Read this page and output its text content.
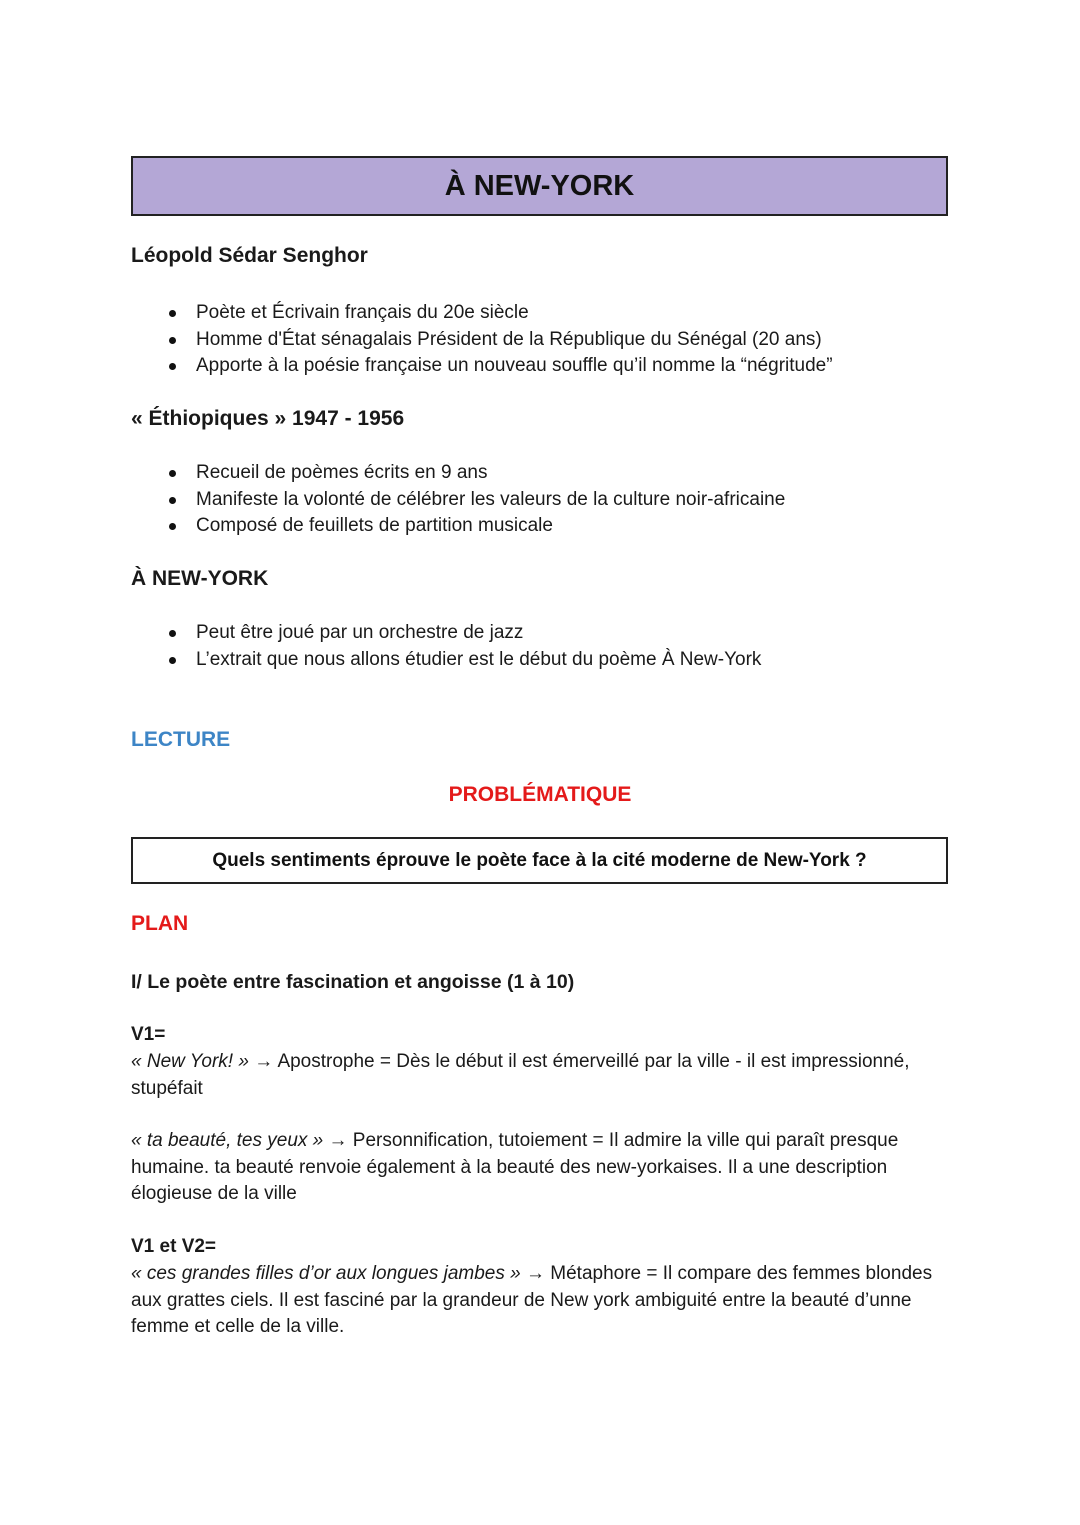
À NEW-YORK
Léopold Sédar Senghor
Poète et Écrivain français du 20e siècle
Homme d'État sénagalais Président de la République du Sénégal (20 ans)
Apporte à la poésie française un nouveau souffle qu’il nomme la “négritude”
« Éthiopiques » 1947 - 1956
Recueil de poèmes écrits en 9 ans
Manifeste la volonté de célébrer les valeurs de la culture noir-africaine
Composé de feuillets de partition musicale
À NEW-YORK
Peut être joué par un orchestre de jazz
L’extrait que nous allons étudier est le début du poème À New-York
LECTURE
PROBLÉMATIQUE
Quels sentiments éprouve le poète face à la cité moderne de New-York ?
PLAN
I/ Le poète entre fascination et angoisse (1 à 10)
V1=

« New York! » → Apostrophe = Dès le début il est émerveillé par la ville - il est impressionné, stupéfait

« ta beauté, tes yeux » → Personnification, tutoiement = Il admire la ville qui paraît presque humaine. ta beauté renvoie également à la beauté des new-yorkaises. Il a une description élogieuse de la ville

V1 et V2=

« ces grandes filles d’or aux longues jambes » → Métaphore = Il compare des femmes blondes aux grattes ciels. Il est fasciné par la grandeur de New york ambiguité entre la beauté d’unne femme et celle de la ville.
